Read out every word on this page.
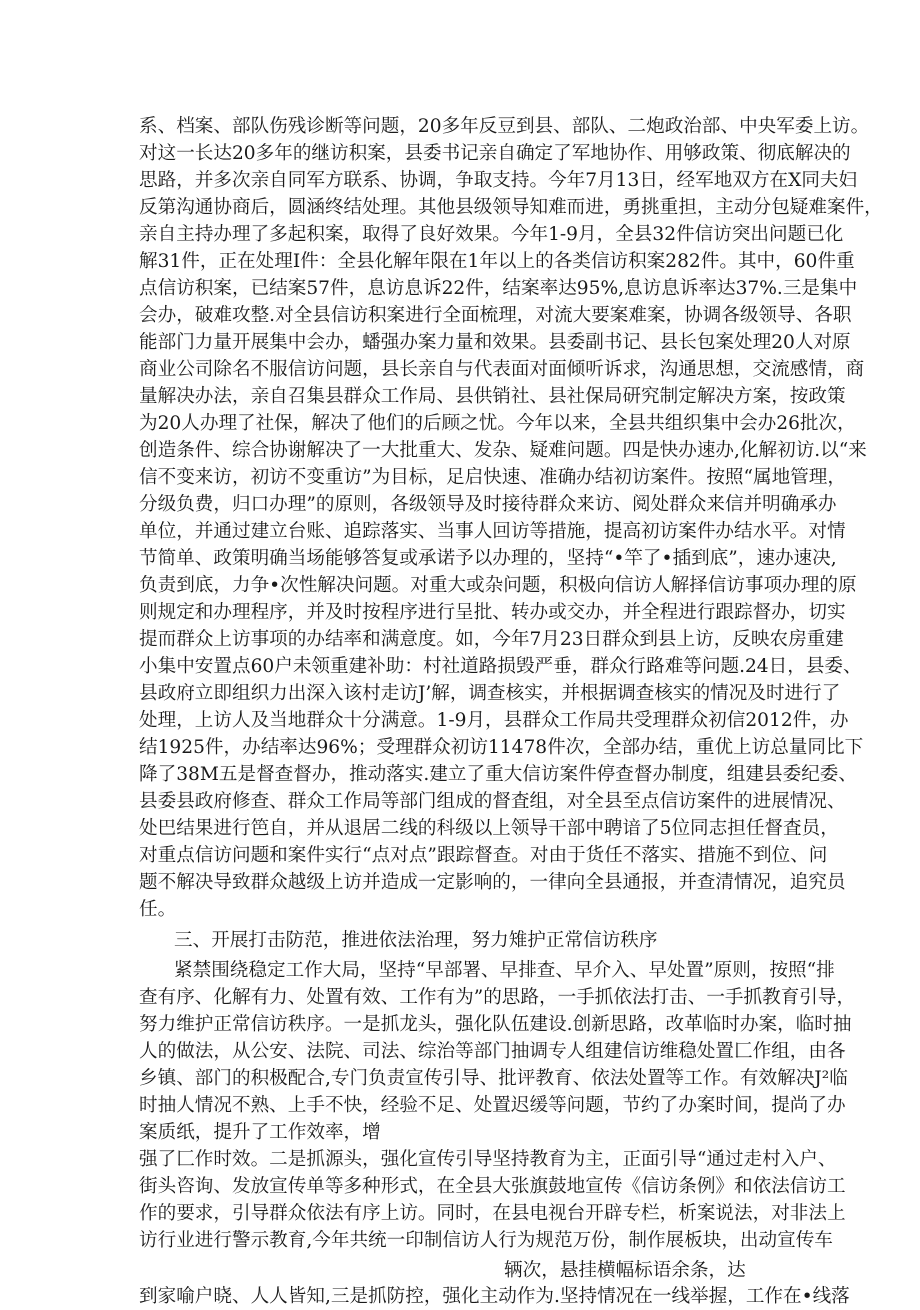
系、档案、部队伤残诊断等问题，20多年反豆到县、部队、二炮政治部、中央军委上访。
对这一长达20多年的继访积案，县委书记亲自确定了军地协作、用够政策、彻底解决的
思路，并多次亲自同军方联系、协调，争取支持。今年7月13日，经军地双方在X同夫妇
反第沟通协商后，圆涵终结处理。其他县级领导知难而进，勇挑重担，主动分包疑难案件，
亲自主持办理了多起积案，取得了良好效果。今年1-9月，全县32件信访突出问题已化
解31件，正在处理I件：全县化解年限在1年以上的各类信访积案282件。其中，60件重
点信访积案，已结案57件，息访息诉22件，结案率达95%,息访息诉率达37%.三是集中
会办，破难攻整.对全县信访积案进行全面梳理，对流大要案难案，协调各级领导、各职
能部门力量开展集中会办，蟠强办案力量和效果。县委副书记、县长包案处理20人对原
商业公司除名不服信访问题，县长亲自与代表面对面倾听诉求，沟通思想，交流感情，商
量解决办法，亲自召集县群众工作局、县供销社、县社保局研究制定解决方案，按政策
为20人办理了社保，解决了他们的后顾之忧。今年以来，全县共组织集中会办26批次，
创造条件、综合协谢解决了一大批重大、发杂、疑难问题。四是快办速办,化解初访.以“来
信不变来访，初访不变重访”为目标，足启快速、准确办结初访案件。按照“属地管理，
分级负费，归口办理”的原则，各级领导及时接待群众来访、阅处群众来信并明确承办
单位，并通过建立台账、追踪落实、当事人回访等措施，提高初访案件办结水平。对情
节简单、政策明确当场能够答复或承诺予以办理的，坚持“•竿了•插到底”，速办速决,
负责到底，力争•次性解决问题。对重大或杂问题，积极向信访人解择信访事项办理的原
则规定和办理程序，并及时按程序进行呈批、转办或交办，并全程进行跟踪督办，切实
提而群众上访事项的办结率和满意度。如，今年7月23日群众到县上访，反映农房重建
小集中安置点60户未领重建补助：村社道路损毁严垂，群众行路难等问题.24日，县委、
县政府立即组织力出深入该村走访J’解，调查核实，并根据调查核实的情况及时进行了
处理，上访人及当地群众十分满意。1-9月，县群众工作局共受理群众初信2012件，办
结1925件，办结率达96%；受理群众初访11478件次，全部办结，重优上访总量同比下
降了38M五是督查督办，推动落实.建立了重大信访案件停查督办制度，组建县委纪委、
县委县政府修查、群众工作局等部门组成的督査组，对全县至点信访案件的进展情况、
处巴结果进行笆自，并从退居二线的科级以上领导干部中聘谙了5位同志担任督査员，
对重点信访问题和案件实行“点对点”跟踪督查。对由于货任不落实、措施不到位、问
题不解决导致群众越级上访并造成一定影响的，一律向全县通报，并查清情况，追究员
任。
三、开展打击防范，推进依法治理，努力雉护正常信访秩序
紧禁围绕稳定工作大局，坚持“早部署、早排查、早介入、早处置”原则，按照“排
查有序、化解有力、处置有效、工作有为”的思路，一手抓依法打击、一手抓教育引导，
努力维护正常信访秩序。一是抓龙头，强化队伍建设.创新思路，改革临时办案，临时抽
人的做法，从公安、法院、司法、综治等部门抽调专人组建信访维稳处置匚作组，由各
乡镇、部门的积极配合,专门负责宣传引导、批评教育、依法处置等工作。有效解决J²临
时抽人情况不熟、上手不快，经验不足、处置迟缓等问题，节约了办案时间，提尚了办
案质纸，提升了工作效率，增
强了匚作时效。二是抓源头，强化宣传引导坚持教育为主，正面引导“通过走村入户、
街头咨询、发放宣传单等多种形式，在全县大张旗鼓地宣传《信访条例》和依法信访工
作的要求，引导群众依法有序上访。同时，在县电视台开辟专栏，析案说法，对非法上
访行业进行警示教育,今年共统一印制信访人行为规范万份，制作展板块，出动宣传车
辆次，悬挂横幅标语余条，达
到家喻户晓、人人皆知,三是抓防控，强化主动作为.坚持情况在一线举握，工作在•线落
